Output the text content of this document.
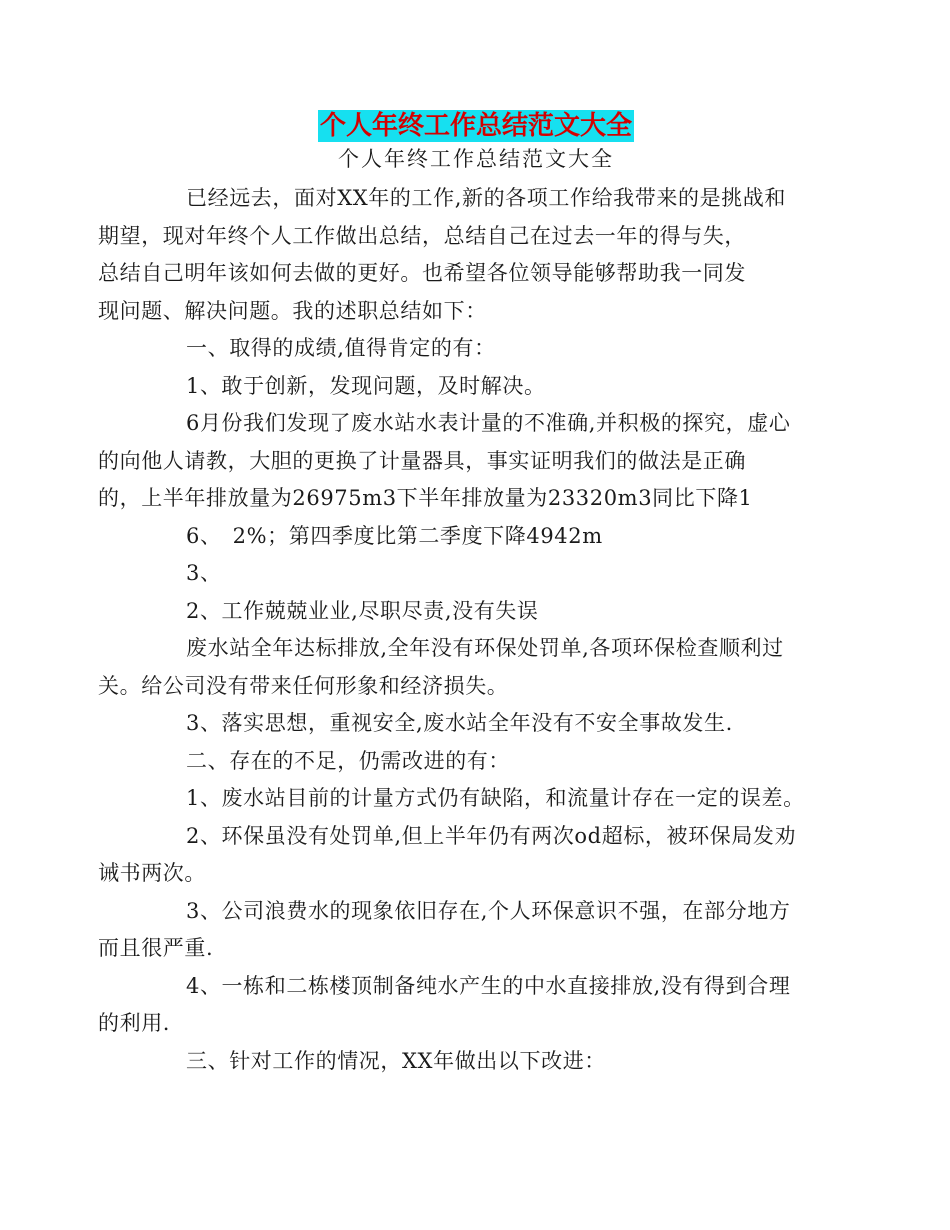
个人年终工作总结范文大全
个人年终工作总结范文大全

已经远去，面对XX年的工作,新的各项工作给我带来的是挑战和
期望，现对年终个人工作做出总结，总结自己在过去一年的得与失，
总结自己明年该如何去做的更好。也希望各位领导能够帮助我一同发
现问题、解决问题。我的述职总结如下：

一、取得的成绩,值得肯定的有：

1、敢于创新，发现问题，及时解决。

6月份我们发现了废水站水表计量的不准确,并积极的探究，虚心
的向他人请教，大胆的更换了计量器具，事实证明我们的做法是正确
的，上半年排放量为26975m3下半年排放量为23320m3同比下降1

6、　2%；第四季度比第二季度下降4942m

3、

2、工作兢兢业业,尽职尽责,没有失误

废水站全年达标排放,全年没有环保处罚单,各项环保检查顺利过
关。给公司没有带来任何形象和经济损失。

3、落实思想，重视安全,废水站全年没有不安全事故发生.

二、存在的不足，仍需改进的有：

1、废水站目前的计量方式仍有缺陷，和流量计存在一定的误差。

2、环保虽没有处罚单,但上半年仍有两次od超标，被环保局发劝
诫书两次。

3、公司浪费水的现象依旧存在,个人环保意识不强，在部分地方
而且很严重.

4、一栋和二栋楼顶制备纯水产生的中水直接排放,没有得到合理
的利用.

三、针对工作的情况，XX年做出以下改进：
